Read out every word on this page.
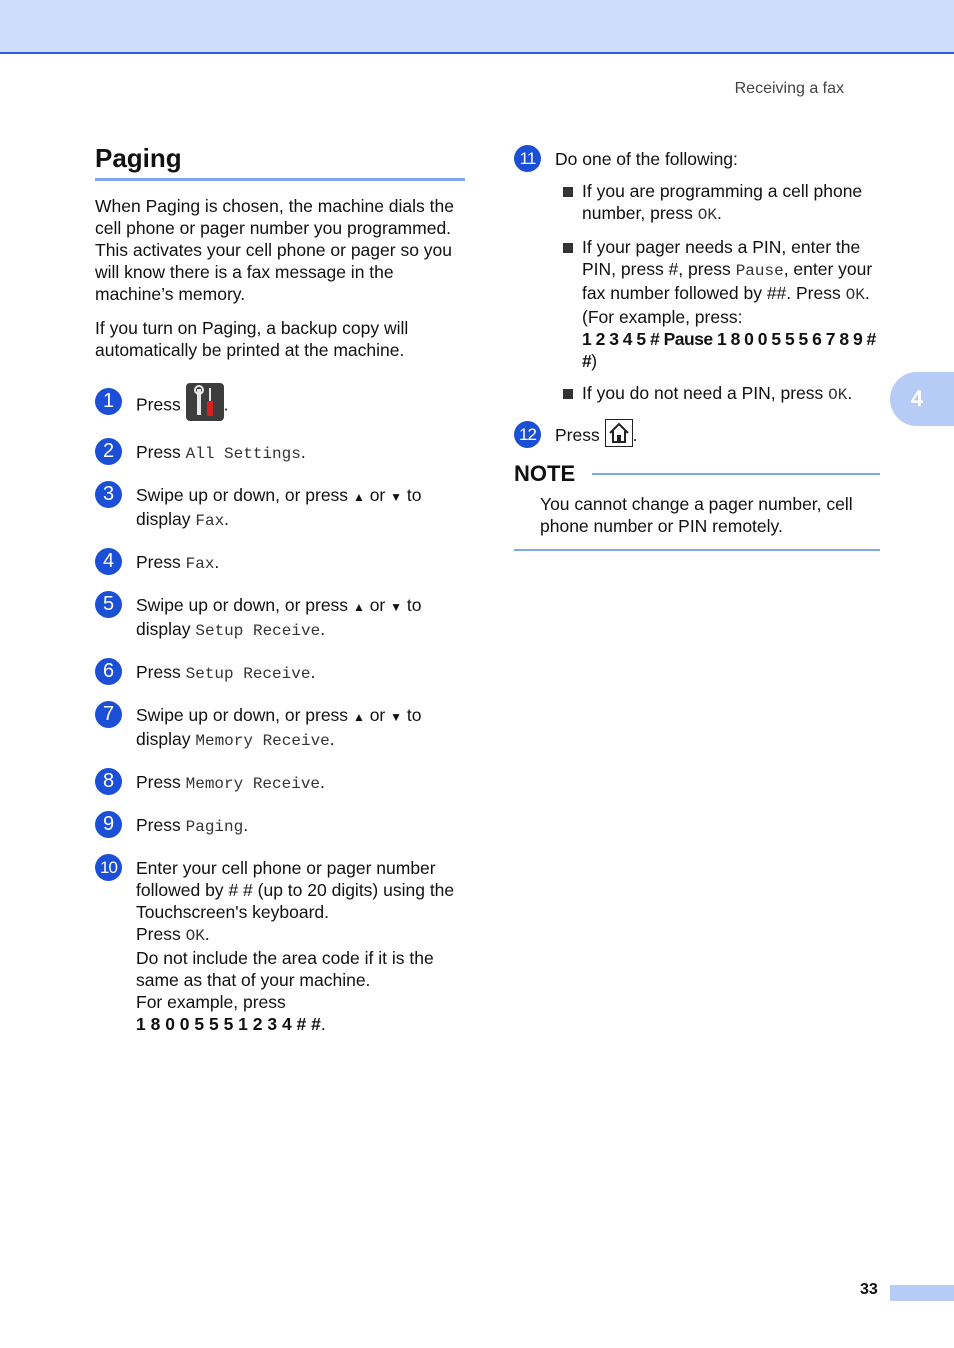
Receiving a fax
Paging

When Paging is chosen, the machine dials the cell phone or pager number you programmed. This activates your cell phone or pager so you will know there is a fax message in the machine’s memory.

If you turn on Paging, a backup copy will automatically be printed at the machine.

1	Press .
2	Press All Settings.
3	Swipe up or down, or press ▲ or ▼ to
display Fax.
4	Press Fax.
5	Swipe up or down, or press ▲ or ▼ to
display Setup Receive.
6	Press Setup Receive.
7	Swipe up or down, or press ▲ or ▼ to
display Memory Receive.
8	Press Memory Receive.
9	Press Paging.
10 Enter your cell phone or pager number followed by # # (up to 20 digits) using the Touchscreen's keyboard.
Press OK.
Do not include the area code if it is the same as that of your machine.
For example, press
1 8 0 0 5 5 5 1 2 3 4 # #.
11	Do one of the following:
If you are programming a cell phone number, press OK.
If your pager needs a PIN, enter the PIN, press #, press Pause, enter your fax number followed by ##. Press OK. (For example, press:
1 2 3 4 5 # Pause 1 8 0 0 5 5 5 6 7 8 9 # #)
If you do not need a PIN, press OK.
12 Press .
NOTE
You cannot change a pager number, cell phone number or PIN remotely.
4
33
